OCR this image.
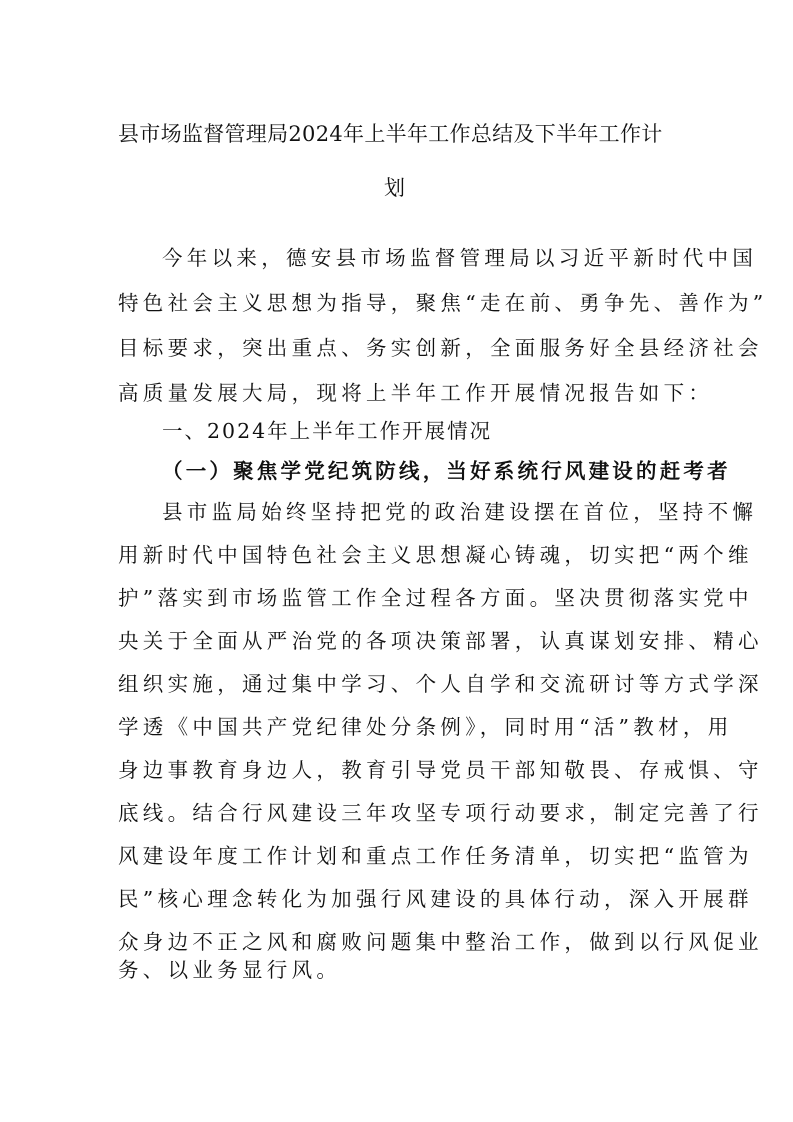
县市场监督管理局2024年上半年工作总结及下半年工作计
划
今年以来，德安县市场监督管理局以习近平新时代中国
特色社会主义思想为指导，聚焦“走在前、勇争先、善作为”
目标要求，突出重点、务实创新，全面服务好全县经济社会
高质量发展大局，现将上半年工作开展情况报告如下：
一、2024年上半年工作开展情况
（一）聚焦学党纪筑防线，当好系统行风建设的赶考者
县市监局始终坚持把党的政治建设摆在首位，坚持不懈
用新时代中国特色社会主义思想凝心铸魂，切实把“两个维
护”落实到市场监管工作全过程各方面。坚决贯彻落实党中
央关于全面从严治党的各项决策部署，认真谋划安排、精心
组织实施，通过集中学习、个人自学和交流研讨等方式学深
学透《中国共产党纪律处分条例》，同时用“活”教材，用
身边事教育身边人，教育引导党员干部知敬畏、存戒惧、守
底线。结合行风建设三年攻坚专项行动要求，制定完善了行
风建设年度工作计划和重点工作任务清单，切实把“监管为
民”核心理念转化为加强行风建设的具体行动，深入开展群
众身边不正之风和腐败问题集中整治工作，做到以行风促业
务、以业务显行风。
